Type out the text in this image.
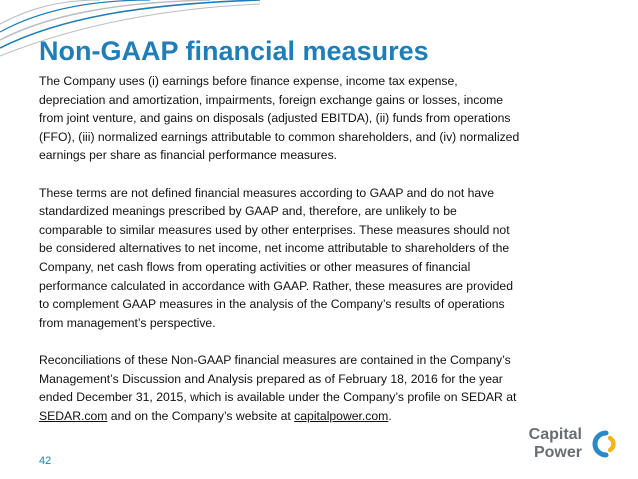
Non-GAAP financial measures

The Company uses (i) earnings before finance expense, income tax expense,
depreciation and amortization, impairments, foreign exchange gains or losses, income
from joint venture, and gains on disposals (adjusted EBITDA), (ii) funds from operations
(FFO), (iii) normalized earnings attributable to common shareholders, and (iv) normalized
earnings per share as financial performance measures.

These terms are not defined financial measures according to GAAP and do not have
standardized meanings prescribed by GAAP and, therefore, are unlikely to be
comparable to similar measures used by other enterprises. These measures should not
be considered alternatives to net income, net income attributable to shareholders of the
Company, net cash flows from operating activities or other measures of financial
performance calculated in accordance with GAAP. Rather, these measures are provided
to complement GAAP measures in the analysis of the Company’s results of operations
from management’s perspective.

Reconciliations of these Non-GAAP financial measures are contained in the Company’s
Management’s Discussion and Analysis prepared as of February 18, 2016 for the year
ended December 31, 2015, which is available under the Company’s profile on SEDAR at
SEDAR.com and on the Company’s website at capitalpower.com.

42
Capital
Power
